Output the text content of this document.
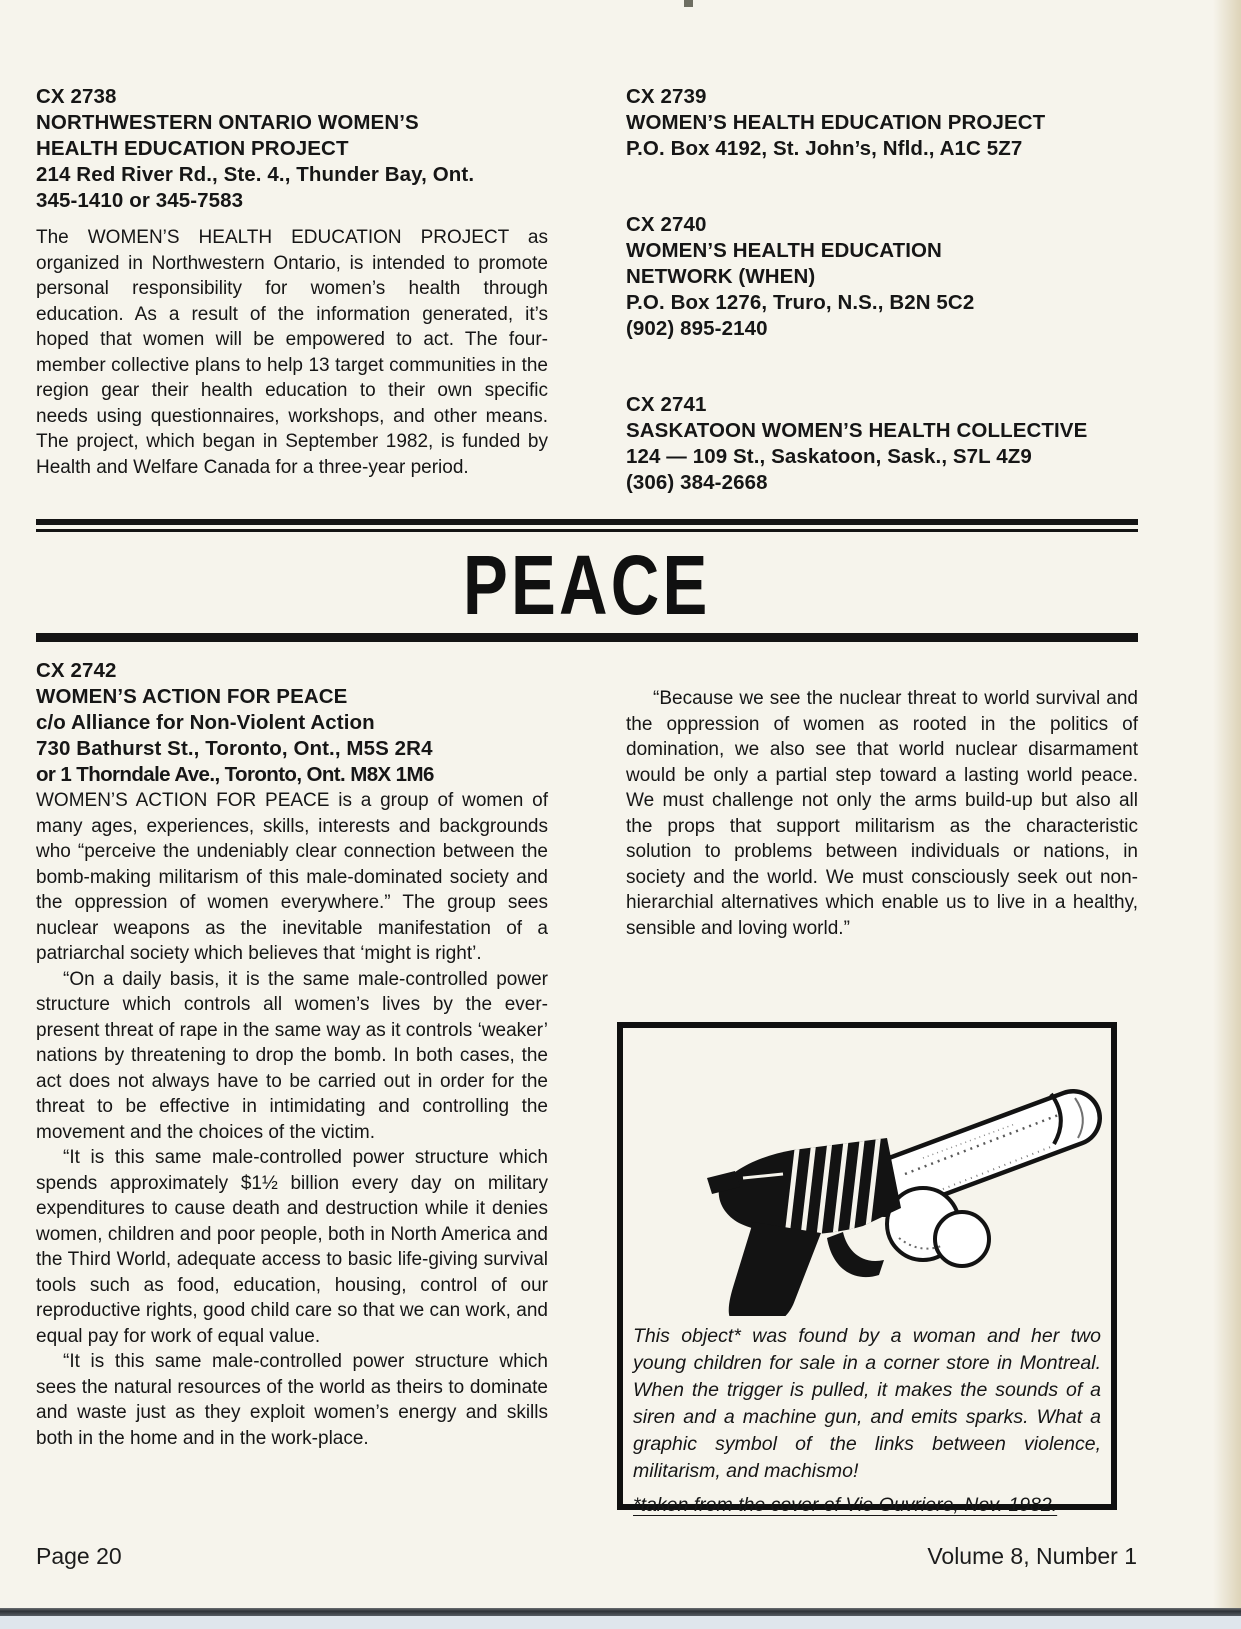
CX 2738
NORTHWESTERN ONTARIO WOMEN’S
HEALTH EDUCATION PROJECT
214 Red River Rd., Ste. 4., Thunder Bay, Ont.
345-1410 or 345-7583

The WOMEN’S HEALTH EDUCATION PROJECT as organized in Northwestern Ontario, is intended to promote personal responsibility for women’s health through education. As a result of the information generated, it’s hoped that women will be empowered to act. The four-member collective plans to help 13 target communities in the region gear their health education to their own specific needs using questionnaires, workshops, and other means. The project, which began in September 1982, is funded by Health and Welfare Canada for a three-year period.

CX 2739
WOMEN’S HEALTH EDUCATION PROJECT
P.O. Box 4192, St. John’s, Nfld., A1C 5Z7
CX 2740
WOMEN’S HEALTH EDUCATION
NETWORK (WHEN)
P.O. Box 1276, Truro, N.S., B2N 5C2
(902) 895-2140
CX 2741
SASKATOON WOMEN’S HEALTH COLLECTIVE
124 — 109 St., Saskatoon, Sask., S7L 4Z9
(306) 384-2668
PEACE
CX 2742
WOMEN’S ACTION FOR PEACE
c/o Alliance for Non-Violent Action
730 Bathurst St., Toronto, Ont., M5S 2R4
or 1 Thorndale Ave., Toronto, Ont. M8X 1M6

WOMEN’S ACTION FOR PEACE is a group of women of many ages, experiences, skills, interests and backgrounds who “perceive the undeniably clear connection between the bomb-making militarism of this male-dominated society and the oppression of women everywhere.” The group sees nuclear weapons as the inevitable manifestation of a patriarchal society which believes that ‘might is right’.

“On a daily basis, it is the same male-controlled power structure which controls all women’s lives by the ever-present threat of rape in the same way as it controls ‘weaker’ nations by threatening to drop the bomb. In both cases, the act does not always have to be carried out in order for the threat to be effective in intimidating and controlling the movement and the choices of the victim.

“It is this same male-controlled power structure which spends approximately $1½ billion every day on military expenditures to cause death and destruction while it denies women, children and poor people, both in North America and the Third World, adequate access to basic life-giving survival tools such as food, education, housing, control of our reproductive rights, good child care so that we can work, and equal pay for work of equal value.

“It is this same male-controlled power structure which sees the natural resources of the world as theirs to dominate and waste just as they exploit women’s energy and skills both in the home and in the work-place.

“Because we see the nuclear threat to world survival and the oppression of women as rooted in the politics of domination, we also see that world nuclear disarmament would be only a partial step toward a lasting world peace. We must challenge not only the arms build-up but also all the props that support militarism as the characteristic solution to problems between individuals or nations, in society and the world. We must consciously seek out non-hierarchial alternatives which enable us to live in a healthy, sensible and loving world.”

This object* was found by a woman and her two young children for sale in a corner store in Montreal. When the trigger is pulled, it makes the sounds of a siren and a machine gun, and emits sparks. What a graphic symbol of the links between violence, militarism, and machismo!
*taken from the cover of Vie Ouvriere, Nov. 1982.
Page 20	Volume 8, Number 1
